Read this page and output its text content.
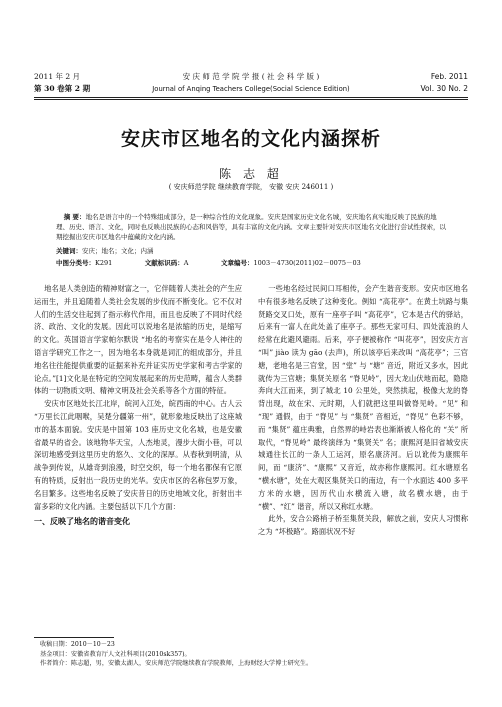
2011 年 2 月
第 30 卷第 2 期
安 庆 师 范 学 院 学 报 ( 社 会 科 学 版 )
Journal of Anqing Teachers College(Social Science Edition)
Feb. 2011
Vol. 30 No. 2
安庆市区地名的文化内涵探析
陈 志 超
( 安庆师范学院 继续教育学院， 安徽 安庆 246011 )
摘 要：地名是语言中的一个特殊组成部分，是一种综合性的文化现象。安庆是国家历史文化名城，安庆地名真实地反映了民族的地理、历史、语言、文化，同时也反映出民族的心态和风俗等，具有丰富的文化内涵。文章主要针对安庆市区地名文化进行尝试性探索，以期挖掘出安庆市区地名中蕴藏的文化内涵。
关键词：安庆；地名；文化；内涵
中图分类号：K291	文献标识码：A	文章编号：1003－4730(2011)02－0075－03

地名是人类创造的精神财富之一，它伴随着人类社会的产生应运而生，并且追随着人类社会发展的步伐而不断变化。它不仅对人们的生活交往起到了指示称代作用，而且也反映了不同时代经济、政治、文化的发展。因此可以说地名是浓缩的历史，是缩写的文化。英国语言学家帕尔默说 “地名的考察实在是令人神往的语言学研究工作之一，因为地名本身就是词汇的组成部分，并且地名往往能提供重要的证据来补充并证实历史学家和考古学家的论点。”[1]文化是在特定的空间发展起来的历史范畴，蕴含人类群体的一切物质文明、精神文明及社会关系等各个方面的特征。

安庆市区地处长江北岸，皖河入江处，皖西南的中心。古人云 “万里长江此咽喉，吴楚分疆第一州”，就形象地反映出了这座城市的基本面貌。安庆是中国第 103 座历史文化名城，也是安徽省最早的省会。该地物华天宝，人杰地灵，漫步大街小巷，可以深切地感受到这里历史的悠久、文化的深厚。从春秋到明清，从战争到传说，从雄奇到浪漫，时空交织，每一个地名都保有它原有的特质，反射出一段历史的光华。安庆市区的名称包罗万象，名目繁多。这些地名反映了安庆昔日的历史地域文化，折射出丰富多彩的文化内涵。主要包括以下几个方面：

一、反映了地名的谐音变化

一些地名经过民间口耳相传，会产生谐音变形。安庆市区地名中有很多地名反映了这种变化。例如 “高花亭”。在黄土坑路与集贤路交叉口处，原有一座亭子叫 “高花亭”，它本是古代的驿站，后来有一富人在此处盖了座亭子。那些无家可归、四处流浪的人经常在此避风避雨。后来，亭子便被称作 “叫花亭”，因安庆方言 “叫” jiào 读为 gāo (去声)，所以该亭后来改叫 “高花亭”；三官塘，老地名是三官堂，因 “堂” 与 “塘” 音近，附近又多水，因此就传为三官塘；集贤关原名 “脊见岭”，因大龙山伏地而起，隐隐奔向大江而来，到了城北 10 公里处，突然拱起，极像大龙的脊背出现，故在宋、元时期，人们就把这里叫做脊见岭。“见” 和 “现” 通假，由于 “脊见” 与 “集贤” 音相近，“脊见” 色彩不够，而 “集贤” 蕴庄典雅，自然界的峙岩表也渐渐被人格化的 “关” 所取代，“脊见岭” 最终演绎为 “集贤关” 名；康熙河是旧省城安庆城通往长江的一条人工运河，原名康济河。后以讹传为康熙年间，而 “康济”、“康熙” 又音近，故亦称作康熙河。红水塘原名 “横水塘”，处在大观区集贤关口的南边，有一个水面达 400 多平方米的水塘，因历代山水横流入塘，故名横水塘，由于 “横”、“红” 谐音，所以又称红水塘。

此外，安合公路梢子桥至集贤关段，解放之前，安庆人习惯称之为 “坏极路”。路面状况不好

收稿日期：2010－10－23
基金项目：安徽省教育厅人文社科项目(2010sk357)。
作者简介：陈志超，男，安徽太湖人，安庆师范学院继续教育学院教师，上海财经大学博士研究生。
